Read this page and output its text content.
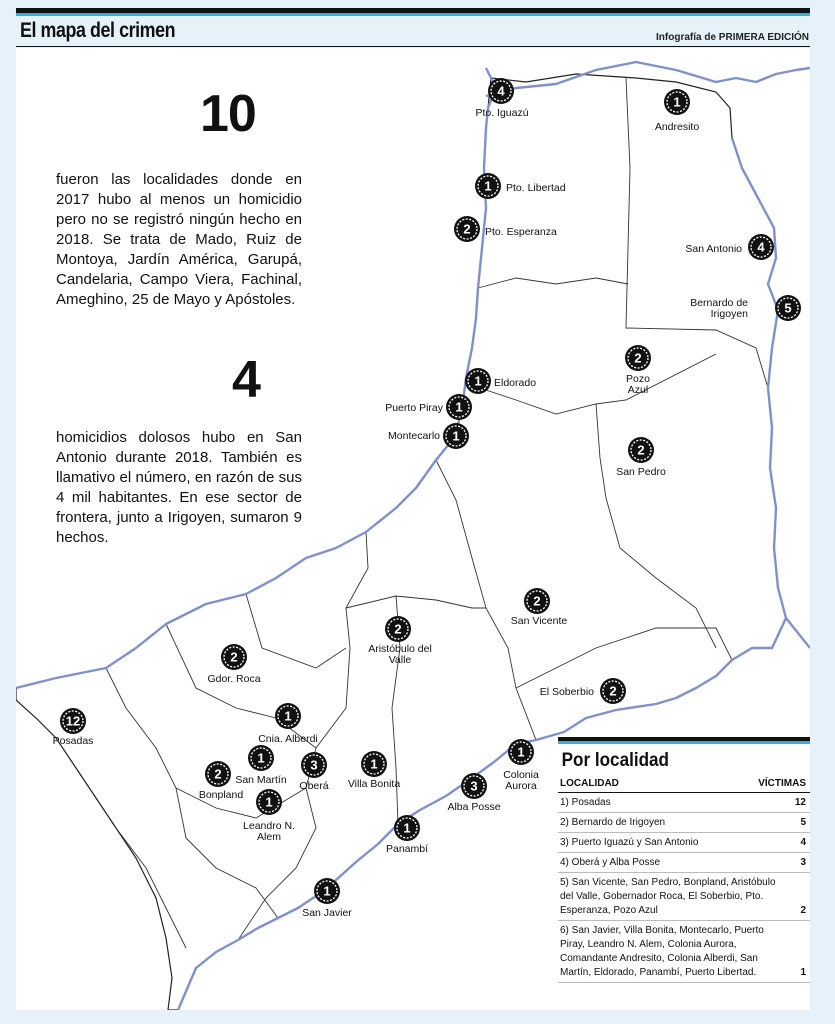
El mapa del crimen	Infografía de PRIMERA EDICIÓN
4
Pto. Iguazú
1
Andresito
1 Pto. Libertad
2 Pto. Esperanza
4
San Antonio
5
Bernardo de Irigoyen
2
Pozo Azul
1 Eldorado
1
Puerto Piray
1
Montecarlo
2
San Pedro
2
San Vicente
2
Aristóbulo del Valle
2
Gdor. Roca
2
El Soberbio
12
Posadas
1
Cnia. Alberdi
1
San Martín
2
Bonpland
3
Oberá
1
Villa Bonita
1
Leandro N. Alem
1
Colonia Aurora
3
Alba Posse
1
Panambí
1
San Javier
10
fueron las localidades donde en 2017 hubo al menos un homicidio pero no se registró ningún hecho en 2018. Se trata de Mado, Ruiz de Montoya, Jardín América, Garupá, Candelaria, Campo Viera, Fachinal, Ameghino, 25 de Mayo y Apóstoles.
4
homicidios dolosos hubo en San Antonio durante 2018. También es llamativo el número, en razón de sus 4 mil habitantes. En ese sector de frontera, junto a Irigoyen, sumaron 9 hechos.
Por localidad
LOCALIDAD	VÍCTIMAS
1) Posadas	12
2) Bernardo de Irigoyen	5
3) Puerto Iguazú y San Antonio	4
4) Oberá y Alba Posse	3
5) San Vicente, San Pedro, Bonpland, Aristóbulo del Valle, Gobernador Roca, El Soberbio, Pto. Esperanza, Pozo Azul	2
6) San Javier, Villa Bonita, Montecarlo, Puerto Piray, Leandro N. Alem, Colonia Aurora, Comandante Andresito, Colonia Alberdi, San Martín, Eldorado, Panambí, Puerto Libertad.	1
